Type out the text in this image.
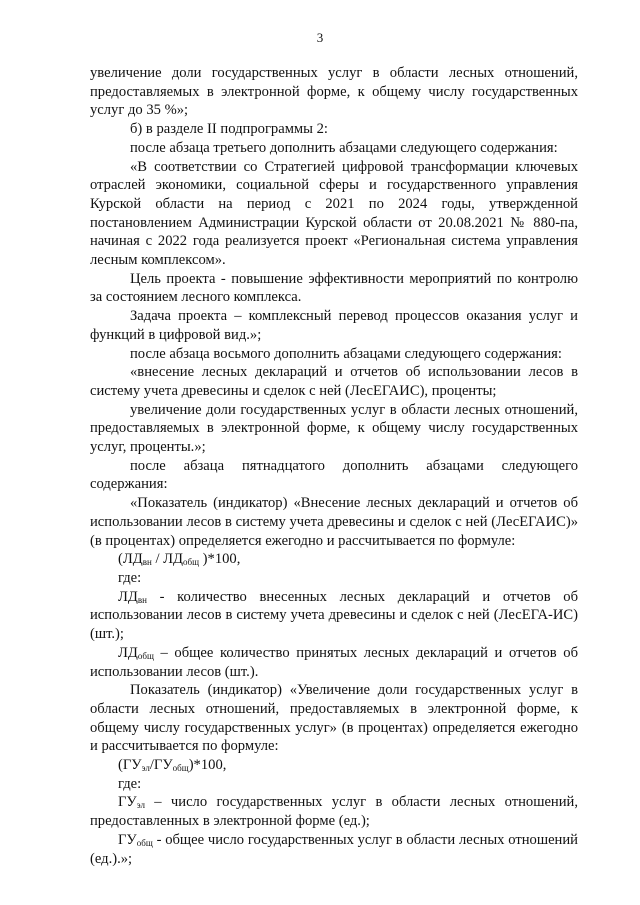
3

увеличение доли государственных услуг в области лесных отношений, предоставляемых в электронной форме, к общему числу государственных услуг до 35 %»;

б) в разделе II подпрограммы 2:

после абзаца третьего дополнить абзацами следующего содержания:

«В соответствии со Стратегией цифровой трансформации ключевых отраслей экономики, социальной сферы и государственного управления Курской области на период с 2021 по 2024 годы, утвержденной постановлением Администрации Курской области от 20.08.2021 № 880-па, начиная с 2022 года реализуется проект «Региональная система управления лесным комплексом».

Цель проекта - повышение эффективности мероприятий по контролю за состоянием лесного комплекса.

Задача проекта – комплексный перевод процессов оказания услуг и функций в цифровой вид.»;

после абзаца восьмого дополнить абзацами следующего содержания:

«внесение лесных деклараций и отчетов об использовании лесов в систему учета древесины и сделок с ней (ЛесЕГАИС), проценты;

увеличение доли государственных услуг в области лесных отношений, предоставляемых в электронной форме, к общему числу государственных услуг, проценты.»;

после абзаца пятнадцатого дополнить абзацами следующего содержания:

«Показатель (индикатор) «Внесение лесных деклараций и отчетов об использовании лесов в систему учета древесины и сделок с ней (ЛесЕГАИС)» (в процентах) определяется ежегодно и рассчитывается по формуле:

($ЛД_{вн} / ЛД_{общ}$ )*100,

где:

$ЛД_{вн}$ - количество внесенных лесных деклараций и отчетов об использовании лесов в систему учета древесины и сделок с ней (ЛесЕГА-ИС) (шт.);

$ЛД_{общ}$ – общее количество принятых лесных деклараций и отчетов об использовании лесов (шт.).

Показатель (индикатор) «Увеличение доли государственных услуг в области лесных отношений, предоставляемых в электронной форме, к общему числу государственных услуг» (в процентах) определяется ежегодно и рассчитывается по формуле:

$(ГУ_{эл}/ГУ_{общ})*100$,

где:

$ГУ_{эл}$ – число государственных услуг в области лесных отношений, предоставленных в электронной форме (ед.);

$ГУ_{общ}$ - общее число государственных услуг в области лесных отношений (ед.).»;
